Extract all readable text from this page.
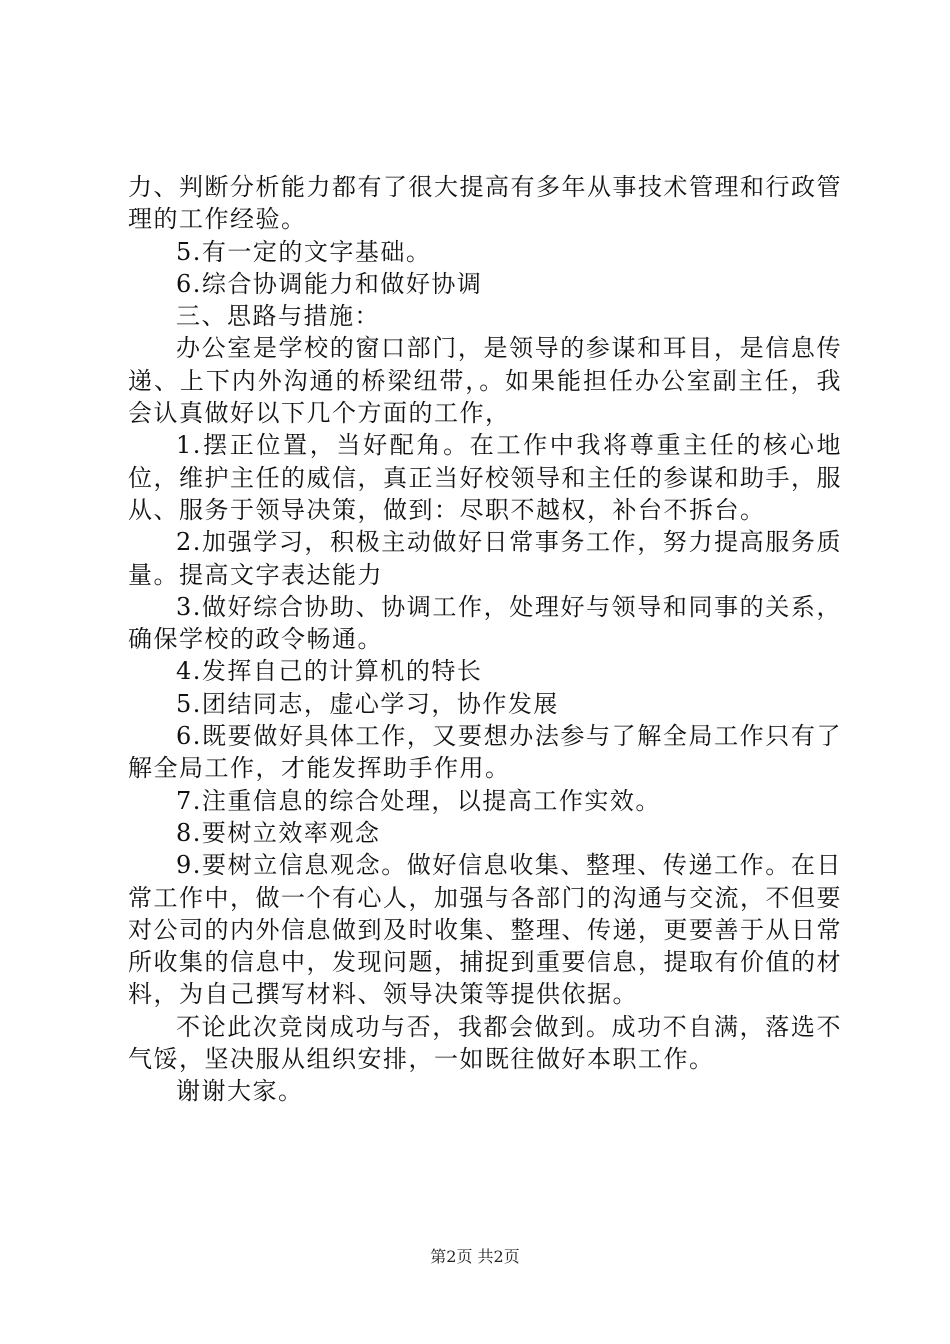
力、判断分析能力都有了很大提高有多年从事技术管理和行政管理的工作经验。

5.有一定的文字基础。

6.综合协调能力和做好协调

三、思路与措施：

办公室是学校的窗口部门，是领导的参谋和耳目，是信息传递、上下内外沟通的桥梁纽带，。如果能担任办公室副主任，我会认真做好以下几个方面的工作，

1.摆正位置，当好配角。在工作中我将尊重主任的核心地位，维护主任的威信，真正当好校领导和主任的参谋和助手，服从、服务于领导决策，做到：尽职不越权，补台不拆台。

2.加强学习，积极主动做好日常事务工作，努力提高服务质量。提高文字表达能力

3.做好综合协助、协调工作，处理好与领导和同事的关系，确保学校的政令畅通。

4.发挥自己的计算机的特长

5.团结同志，虚心学习，协作发展

6.既要做好具体工作，又要想办法参与了解全局工作只有了解全局工作，才能发挥助手作用。

7.注重信息的综合处理，以提高工作实效。

8.要树立效率观念

9.要树立信息观念。做好信息收集、整理、传递工作。在日常工作中，做一个有心人，加强与各部门的沟通与交流，不但要对公司的内外信息做到及时收集、整理、传递，更要善于从日常所收集的信息中，发现问题，捕捉到重要信息，提取有价值的材料，为自己撰写材料、领导决策等提供依据。

不论此次竞岗成功与否，我都会做到。成功不自满，落选不气馁，坚决服从组织安排，一如既往做好本职工作。

谢谢大家。

第2页 共2页
